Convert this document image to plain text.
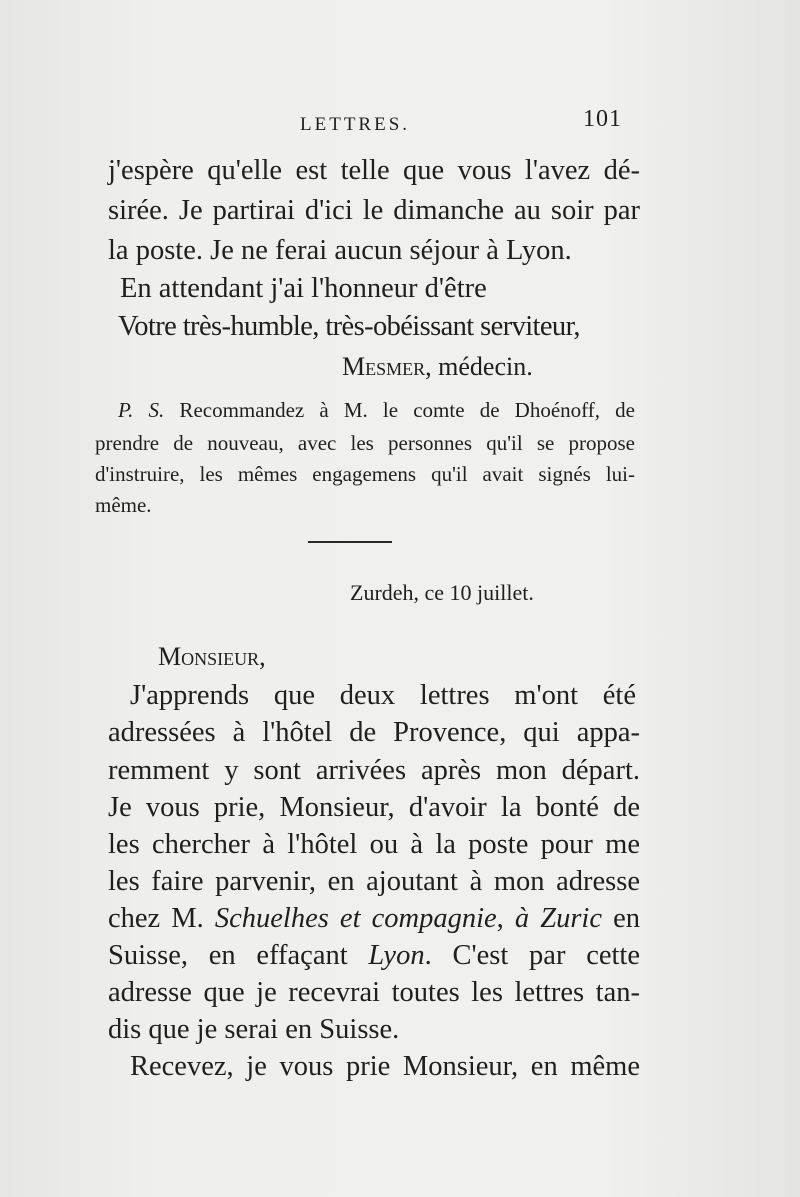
LETTRES.	101
j'espère qu'elle est telle que vous l'avez dé-
sirée. Je partirai d'ici le dimanche au soir par
la poste. Je ne ferai aucun séjour à Lyon.
En attendant j'ai l'honneur d'être
Votre très-humble, très-obéissant serviteur,
Mesmer, médecin.
P. S. Recommandez à M. le comte de Dhoénoff, de
prendre de nouveau, avec les personnes qu'il se propose
d'instruire, les mêmes engagemens qu'il avait signés lui-
même.
Zurdeh, ce 10 juillet.
Monsieur,
J'apprends que deux lettres m'ont été
adressées à l'hôtel de Provence, qui appa-
remment y sont arrivées après mon départ.
Je vous prie, Monsieur, d'avoir la bonté de
les chercher à l'hôtel ou à la poste pour me
les faire parvenir, en ajoutant à mon adresse
chez M. Schuelhes et compagnie, à Zuric en
Suisse, en effaçant Lyon. C'est par cette
adresse que je recevrai toutes les lettres tan-
dis que je serai en Suisse.
Recevez, je vous prie Monsieur, en même
